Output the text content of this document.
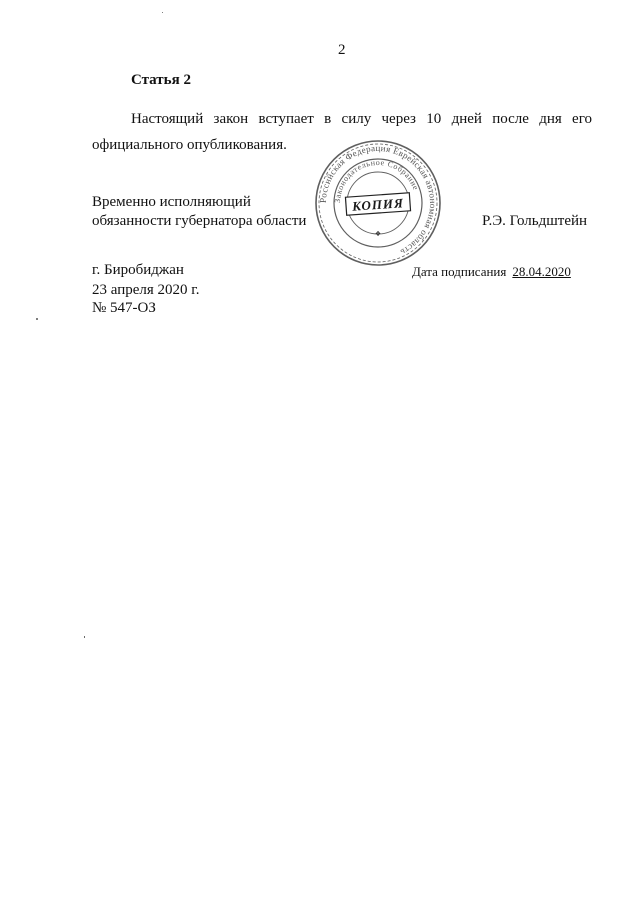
2
Статья 2
Настоящий закон вступает в силу через 10 дней после дня его
официального опубликования.
Временно исполняющий
обязанности губернатора области	Р.Э. Гольдштейн
Российская Федерация Еврейская автономная область
Законодательное Собрание
КОПИЯ
❖
г. Биробиджан
23 апреля 2020 г.
№ 547-ОЗ
Дата подписания 28.04.2020
